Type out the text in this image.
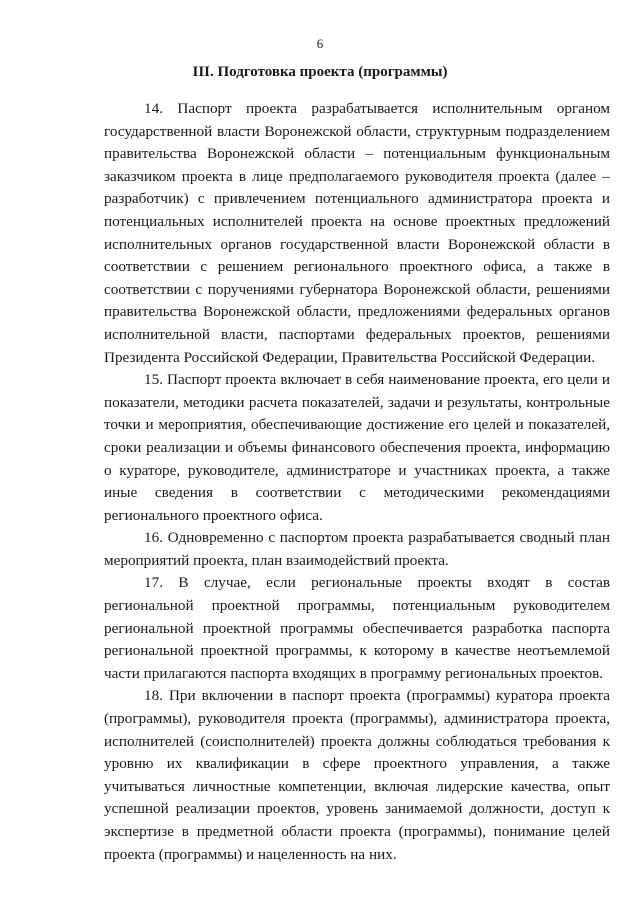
6
III. Подготовка проекта (программы)

14. Паспорт проекта разрабатывается исполнительным органом государственной власти Воронежской области, структурным подразделением правительства Воронежской области – потенциальным функциональным заказчиком проекта в лице предполагаемого руководителя проекта (далее – разработчик) с привлечением потенциального администратора проекта и потенциальных исполнителей проекта на основе проектных предложений исполнительных органов государственной власти Воронежской области в соответствии с решением регионального проектного офиса, а также в соответствии с поручениями губернатора Воронежской области, решениями правительства Воронежской области, предложениями федеральных органов исполнительной власти, паспортами федеральных проектов, решениями Президента Российской Федерации, Правительства Российской Федерации.

15. Паспорт проекта включает в себя наименование проекта, его цели и показатели, методики расчета показателей, задачи и результаты, контрольные точки и мероприятия, обеспечивающие достижение его целей и показателей, сроки реализации и объемы финансового обеспечения проекта, информацию о кураторе, руководителе, администраторе и участниках проекта, а также иные сведения в соответствии с методическими рекомендациями регионального проектного офиса.

16. Одновременно с паспортом проекта разрабатывается сводный план мероприятий проекта, план взаимодействий проекта.

17. В случае, если региональные проекты входят в состав региональной проектной программы, потенциальным руководителем региональной проектной программы обеспечивается разработка паспорта региональной проектной программы, к которому в качестве неотъемлемой части прилагаются паспорта входящих в программу региональных проектов.

18. При включении в паспорт проекта (программы) куратора проекта (программы), руководителя проекта (программы), администратора проекта, исполнителей (соисполнителей) проекта должны соблюдаться требования к уровню их квалификации в сфере проектного управления, а также учитываться личностные компетенции, включая лидерские качества, опыт успешной реализации проектов, уровень занимаемой должности, доступ к экспертизе в предметной области проекта (программы), понимание целей проекта (программы) и нацеленность на них.
